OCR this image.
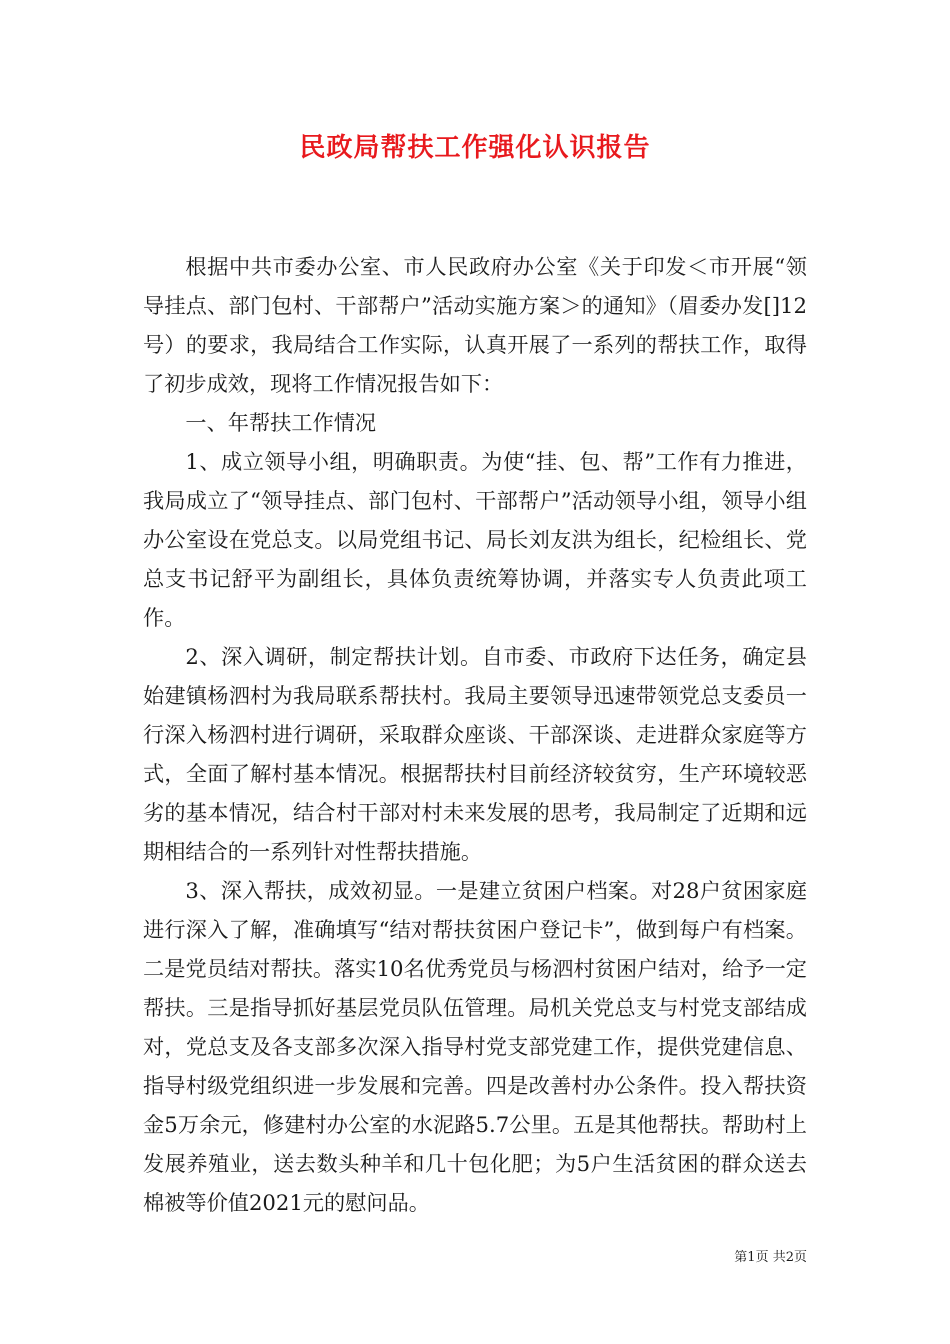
民政局帮扶工作强化认识报告

根据中共市委办公室、市人民政府办公室《关于印发＜市开展“领导挂点、部门包村、干部帮户”活动实施方案＞的通知》（眉委办发[]12号）的要求，我局结合工作实际，认真开展了一系列的帮扶工作，取得了初步成效，现将工作情况报告如下：

一、年帮扶工作情况

1、成立领导小组，明确职责。为使“挂、包、帮”工作有力推进，我局成立了“领导挂点、部门包村、干部帮户”活动领导小组，领导小组办公室设在党总支。以局党组书记、局长刘友洪为组长，纪检组长、党总支书记舒平为副组长，具体负责统筹协调，并落实专人负责此项工作。

2、深入调研，制定帮扶计划。自市委、市政府下达任务，确定县始建镇杨泗村为我局联系帮扶村。我局主要领导迅速带领党总支委员一行深入杨泗村进行调研，采取群众座谈、干部深谈、走进群众家庭等方式，全面了解村基本情况。根据帮扶村目前经济较贫穷，生产环境较恶劣的基本情况，结合村干部对村未来发展的思考，我局制定了近期和远期相结合的一系列针对性帮扶措施。

3、深入帮扶，成效初显。一是建立贫困户档案。对28户贫困家庭进行深入了解，准确填写“结对帮扶贫困户登记卡”，做到每户有档案。二是党员结对帮扶。落实10名优秀党员与杨泗村贫困户结对，给予一定帮扶。三是指导抓好基层党员队伍管理。局机关党总支与村党支部结成对，党总支及各支部多次深入指导村党支部党建工作，提供党建信息、指导村级党组织进一步发展和完善。四是改善村办公条件。投入帮扶资金5万余元，修建村办公室的水泥路5.7公里。五是其他帮扶。帮助村上发展养殖业，送去数头种羊和几十包化肥；为5户生活贫困的群众送去棉被等价值2021元的慰问品。

第1页 共2页
